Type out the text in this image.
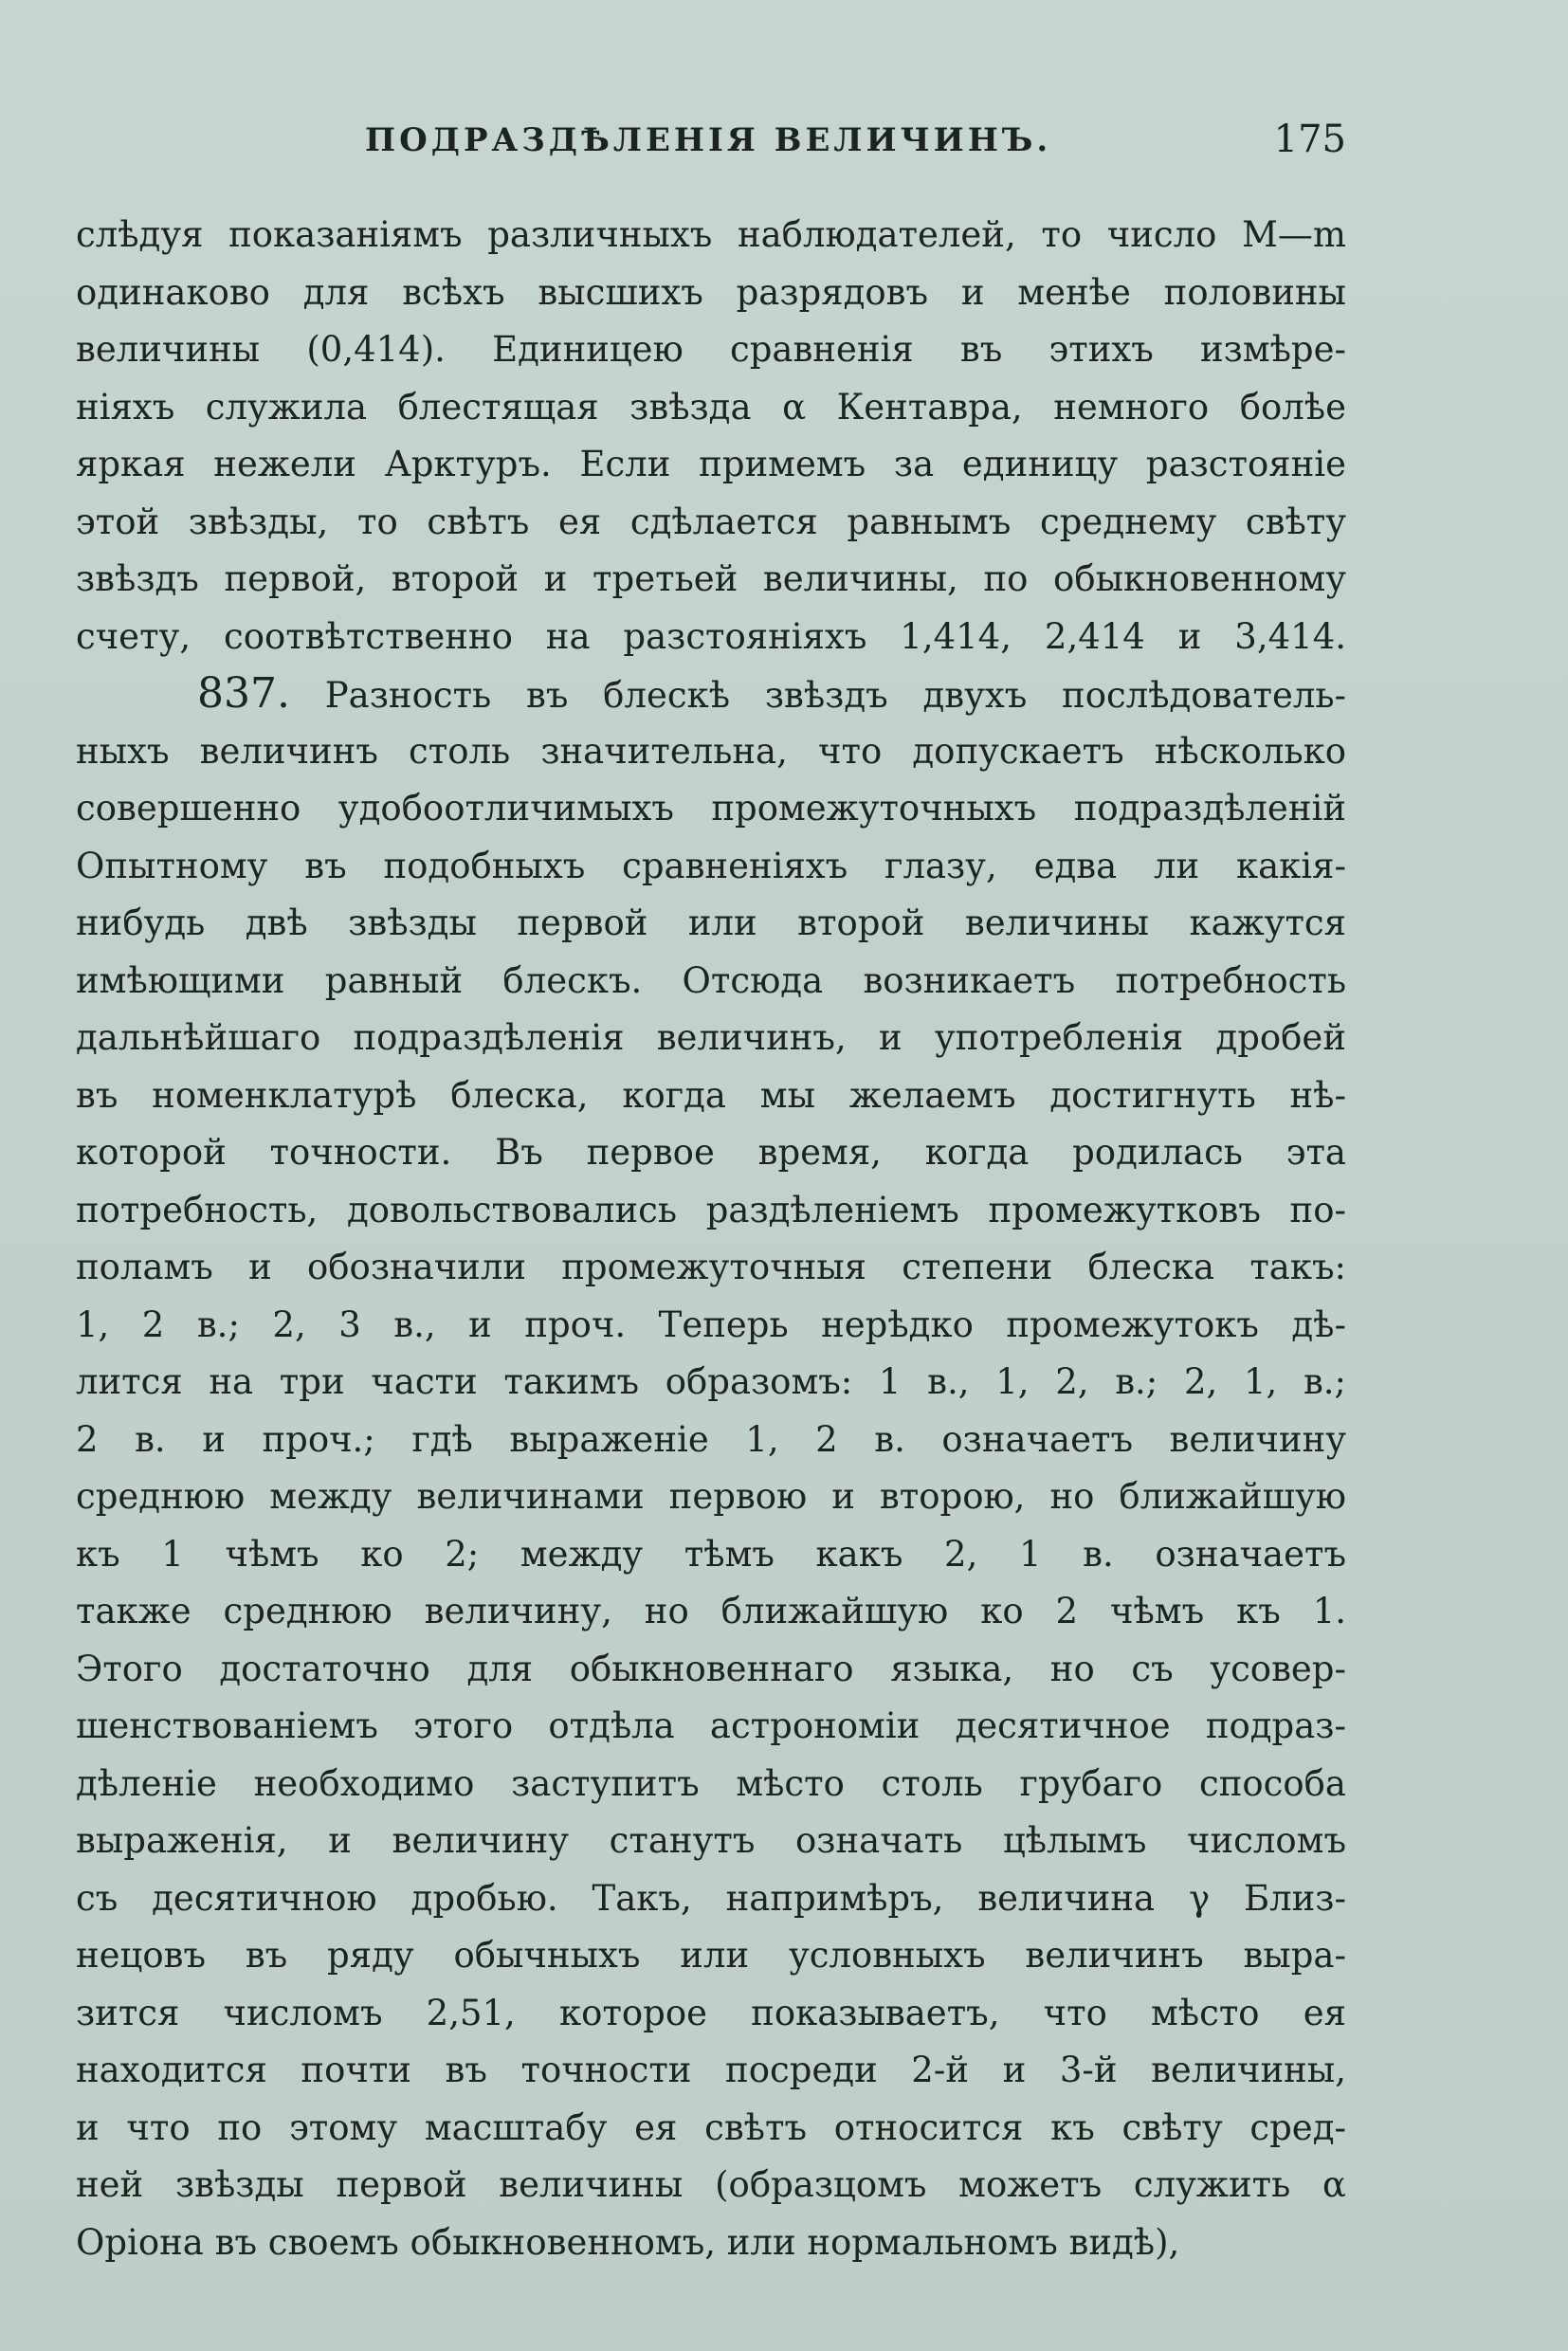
ПОДРАЗДѢЛЕНІЯ ВЕЛИЧИНЪ.	175
слѣдуя показаніямъ различныхъ наблюдателей, то число M—m
одинаково для всѣхъ высшихъ разрядовъ и менѣе половины
величины (0,414). Единицею сравненія въ этихъ измѣре-
ніяхъ служила блестящая звѣзда α Кентавра, немного болѣе
яркая нежели Арктуръ. Если примемъ за единицу разстояніе
этой звѣзды, то свѣтъ ея сдѣлается равнымъ среднему свѣту
звѣздъ первой, второй и третьей величины, по обыкновенному
счету, соотвѣтственно на разстояніяхъ 1,414, 2,414 и 3,414.
837. Разность въ блескѣ звѣздъ двухъ послѣдователь-
ныхъ величинъ столь значительна, что допускаетъ нѣсколько
совершенно удобоотличимыхъ промежуточныхъ подраздѣленій
Опытному въ подобныхъ сравненіяхъ глазу, едва ли какія-
нибудь двѣ звѣзды первой или второй величины кажутся
имѣющими равный блескъ. Отсюда возникаетъ потребность
дальнѣйшаго подраздѣленія величинъ, и употребленія дробей
въ номенклатурѣ блеска, когда мы желаемъ достигнуть нѣ-
которой точности. Въ первое время, когда родилась эта
потребность, довольствовались раздѣленіемъ промежутковъ по-
поламъ и обозначили промежуточныя степени блеска такъ:
1, 2 в.; 2, 3 в., и проч. Теперь нерѣдко промежутокъ дѣ-
лится на три части такимъ образомъ: 1 в., 1, 2, в.; 2, 1, в.;
2 в. и проч.; гдѣ выраженіе 1, 2 в. означаетъ величину
среднюю между величинами первою и второю, но ближайшую
къ 1 чѣмъ ко 2; между тѣмъ какъ 2, 1 в. означаетъ
также среднюю величину, но ближайшую ко 2 чѣмъ къ 1.
Этого достаточно для обыкновеннаго языка, но съ усовер-
шенствованіемъ этого отдѣла астрономіи десятичное подраз-
дѣленіе необходимо заступитъ мѣсто столь грубаго способа
выраженія, и величину станутъ означать цѣлымъ числомъ
съ десятичною дробью. Такъ, напримѣръ, величина γ Близ-
нецовъ въ ряду обычныхъ или условныхъ величинъ выра-
зится числомъ 2,51, которое показываетъ, что мѣсто ея
находится почти въ точности посреди 2-й и 3-й величины,
и что по этому масштабу ея свѣтъ относится къ свѣту сред-
ней звѣзды первой величины (образцомъ можетъ служить α
Оріона въ своемъ обыкновенномъ, или нормальномъ видѣ),
